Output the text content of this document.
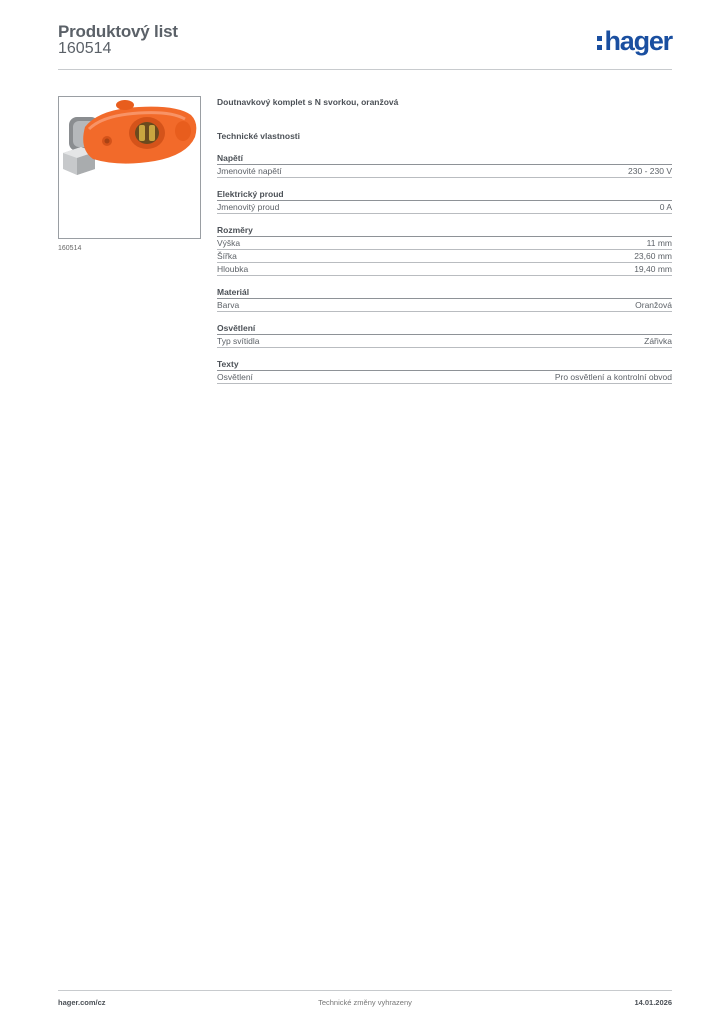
Produktový list
160514	hager
160514
Doutnavkový komplet s N svorkou, oranžová
Technické vlastnosti
Napětí
Jmenovité napětí	230 - 230 V
Elektrický proud
Jmenovitý proud	0 A
Rozměry
Výška	11 mm
Šířka	23,60 mm
Hloubka	19,40 mm
Materiál
Barva	Oranžová
Osvětlení
Typ svítidla	Zářivka
Texty
Osvětlení	Pro osvětlení a kontrolní obvod
Technické změny vyhrazeny
hager.com/cz	14.01.2026
